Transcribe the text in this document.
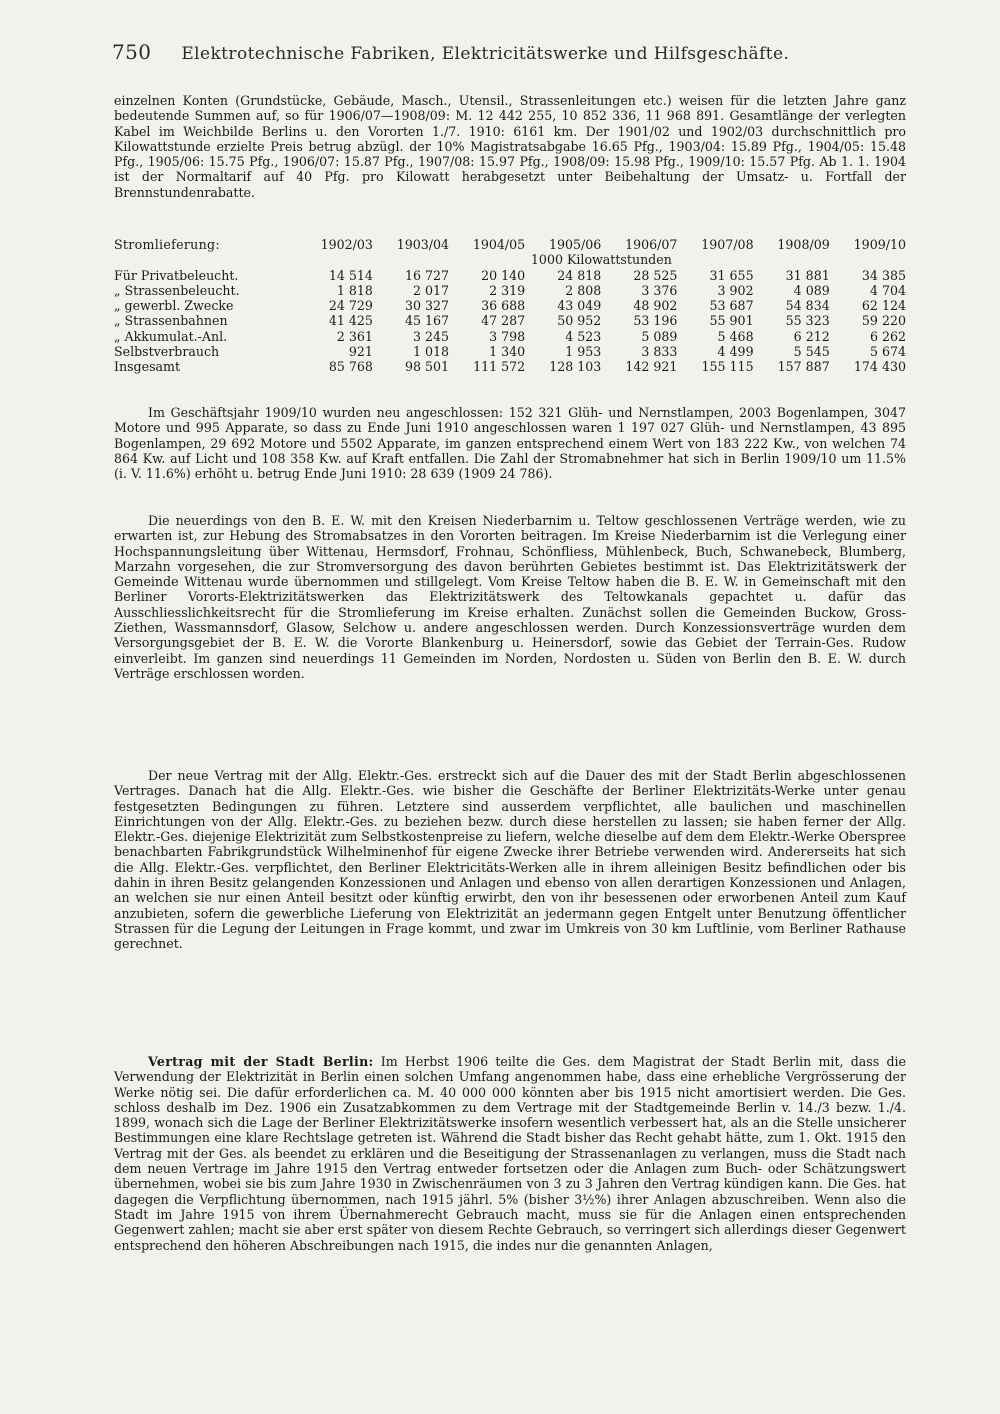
750 Elektrotechnische Fabriken, Elektricitätswerke und Hilfsgeschäfte.

einzelnen Konten (Grundstücke, Gebäude, Masch., Utensil., Strassenleitungen etc.) weisen für die letzten Jahre ganz bedeutende Summen auf, so für 1906/07—1908/09: M. 12 442 255, 10 852 336, 11 968 891. Gesamtlänge der verlegten Kabel im Weichbilde Berlins u. den Vororten 1./7. 1910: 6161 km. Der 1901/02 und 1902/03 durchschnittlich pro Kilowattstunde erzielte Preis betrug abzügl. der 10% Magistratsabgabe 16.65 Pfg., 1903/04: 15.89 Pfg., 1904/05: 15.48 Pfg., 1905/06: 15.75 Pfg., 1906/07: 15.87 Pfg., 1907/08: 15.97 Pfg., 1908/09: 15.98 Pfg., 1909/10: 15.57 Pfg. Ab 1. 1. 1904 ist der Normaltarif auf 40 Pfg. pro Kilowatt herabgesetzt unter Beibehaltung der Umsatz- u. Fortfall der Brennstundenrabatte.

Stromlieferung:	1902/03	1903/04	1904/05	1905/06	1906/07	1907/08	1908/09	1909/10
	1000 Kilowattstunden							
Für Privatbeleucht.	14 514	16 727	20 140	24 818	28 525	31 655	31 881	34 385
„ Strassenbeleucht.	1 818	2 017	2 319	2 808	3 376	3 902	4 089	4 704
„ gewerbl. Zwecke	24 729	30 327	36 688	43 049	48 902	53 687	54 834	62 124
„ Strassenbahnen	41 425	45 167	47 287	50 952	53 196	55 901	55 323	59 220
„ Akkumulat.-Anl.	2 361	3 245	3 798	4 523	5 089	5 468	6 212	6 262
Selbstverbrauch	921	1 018	1 340	1 953	3 833	4 499	5 545	5 674
Insgesamt	85 768	98 501	111 572	128 103	142 921	155 115	157 887	174 430

Im Geschäftsjahr 1909/10 wurden neu angeschlossen: 152 321 Glüh- und Nernstlampen, 2003 Bogenlampen, 3047 Motore und 995 Apparate, so dass zu Ende Juni 1910 angeschlossen waren 1 197 027 Glüh- und Nernstlampen, 43 895 Bogenlampen, 29 692 Motore und 5502 Apparate, im ganzen entsprechend einem Wert von 183 222 Kw., von welchen 74 864 Kw. auf Licht und 108 358 Kw. auf Kraft entfallen. Die Zahl der Stromabnehmer hat sich in Berlin 1909/10 um 11.5% (i. V. 11.6%) erhöht u. betrug Ende Juni 1910: 28 639 (1909 24 786).

Die neuerdings von den B. E. W. mit den Kreisen Niederbarnim u. Teltow geschlossenen Verträge werden, wie zu erwarten ist, zur Hebung des Stromabsatzes in den Vororten beitragen. Im Kreise Niederbarnim ist die Verlegung einer Hochspannungsleitung über Wittenau, Hermsdorf, Frohnau, Schönfliess, Mühlenbeck, Buch, Schwanebeck, Blumberg, Marzahn vorgesehen, die zur Stromversorgung des davon berührten Gebietes bestimmt ist. Das Elektrizitätswerk der Gemeinde Wittenau wurde übernommen und stillgelegt. Vom Kreise Teltow haben die B. E. W. in Gemeinschaft mit den Berliner Vororts-Elektrizitätswerken das Elektrizitätswerk des Teltowkanals gepachtet u. dafür das Ausschliesslichkeitsrecht für die Stromlieferung im Kreise erhalten. Zunächst sollen die Gemeinden Buckow, Gross-Ziethen, Wassmannsdorf, Glasow, Selchow u. andere angeschlossen werden. Durch Konzessionsverträge wurden dem Versorgungsgebiet der B. E. W. die Vororte Blankenburg u. Heinersdorf, sowie das Gebiet der Terrain-Ges. Rudow einverleibt. Im ganzen sind neuerdings 11 Gemeinden im Norden, Nordosten u. Süden von Berlin den B. E. W. durch Verträge erschlossen worden.

Der neue Vertrag mit der Allg. Elektr.-Ges. erstreckt sich auf die Dauer des mit der Stadt Berlin abgeschlossenen Vertrages. Danach hat die Allg. Elektr.-Ges. wie bisher die Geschäfte der Berliner Elektrizitäts-Werke unter genau festgesetzten Bedingungen zu führen. Letztere sind ausserdem verpflichtet, alle baulichen und maschinellen Einrichtungen von der Allg. Elektr.-Ges. zu beziehen bezw. durch diese herstellen zu lassen; sie haben ferner der Allg. Elektr.-Ges. diejenige Elektrizität zum Selbstkostenpreise zu liefern, welche dieselbe auf dem dem Elektr.-Werke Oberspree benachbarten Fabrikgrundstück Wilhelminenhof für eigene Zwecke ihrer Betriebe verwenden wird. Andererseits hat sich die Allg. Elektr.-Ges. verpflichtet, den Berliner Elektricitäts-Werken alle in ihrem alleinigen Besitz befindlichen oder bis dahin in ihren Besitz gelangenden Konzessionen und Anlagen und ebenso von allen derartigen Konzessionen und Anlagen, an welchen sie nur einen Anteil besitzt oder künftig erwirbt, den von ihr besessenen oder erworbenen Anteil zum Kauf anzubieten, sofern die gewerbliche Lieferung von Elektrizität an jedermann gegen Entgelt unter Benutzung öffentlicher Strassen für die Legung der Leitungen in Frage kommt, und zwar im Umkreis von 30 km Luftlinie, vom Berliner Rathause gerechnet.

Vertrag mit der Stadt Berlin: Im Herbst 1906 teilte die Ges. dem Magistrat der Stadt Berlin mit, dass die Verwendung der Elektrizität in Berlin einen solchen Umfang angenommen habe, dass eine erhebliche Vergrösserung der Werke nötig sei. Die dafür erforderlichen ca. M. 40 000 000 könnten aber bis 1915 nicht amortisiert werden. Die Ges. schloss deshalb im Dez. 1906 ein Zusatzabkommen zu dem Vertrage mit der Stadtgemeinde Berlin v. 14./3 bezw. 1./4. 1899, wonach sich die Lage der Berliner Elektrizitätswerke insofern wesentlich verbessert hat, als an die Stelle unsicherer Bestimmungen eine klare Rechtslage getreten ist. Während die Stadt bisher das Recht gehabt hätte, zum 1. Okt. 1915 den Vertrag mit der Ges. als beendet zu erklären und die Beseitigung der Strassenanlagen zu verlangen, muss die Stadt nach dem neuen Vertrage im Jahre 1915 den Vertrag entweder fortsetzen oder die Anlagen zum Buch- oder Schätzungswert übernehmen, wobei sie bis zum Jahre 1930 in Zwischenräumen von 3 zu 3 Jahren den Vertrag kündigen kann. Die Ges. hat dagegen die Verpflichtung übernommen, nach 1915 jährl. 5% (bisher 3½%) ihrer Anlagen abzuschreiben. Wenn also die Stadt im Jahre 1915 von ihrem Übernahmerecht Gebrauch macht, muss sie für die Anlagen einen entsprechenden Gegenwert zahlen; macht sie aber erst später von diesem Rechte Gebrauch, so verringert sich allerdings dieser Gegenwert entsprechend den höheren Abschreibungen nach 1915, die indes nur die genannten Anlagen,
